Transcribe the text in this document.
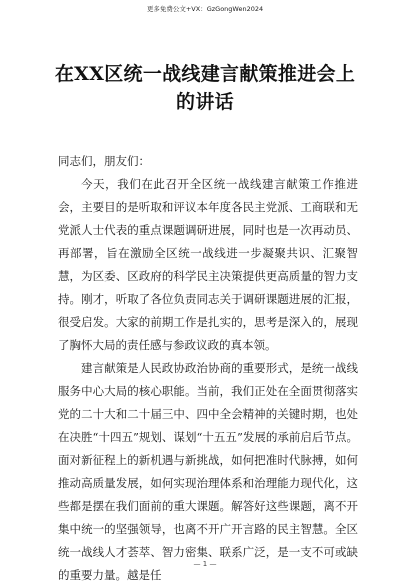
更多免费公文+VX：GzGongWen2024
在XX区统一战线建言献策推进会上的讲话

同志们，朋友们：

今天，我们在此召开全区统一战线建言献策工作推进会，主要目的是听取和评议本年度各民主党派、工商联和无党派人士代表的重点课题调研进展，同时也是一次再动员、再部署，旨在激励全区统一战线进一步凝聚共识、汇聚智慧，为区委、区政府的科学民主决策提供更高质量的智力支持。刚才，听取了各位负责同志关于调研课题进展的汇报，很受启发。大家的前期工作是扎实的，思考是深入的，展现了胸怀大局的责任感与参政议政的真本领。

建言献策是人民政协政治协商的重要形式，是统一战线服务中心大局的核心职能。当前，我们正处在全面贯彻落实党的二十大和二十届三中、四中全会精神的关键时期，也处在决胜“十四五”规划、谋划“十五五”发展的承前启后节点。面对新征程上的新机遇与新挑战，如何把准时代脉搏，如何推动高质量发展，如何实现治理体系和治理能力现代化，这些都是摆在我们面前的重大课题。解答好这些课题，离不开集中统一的坚强领导，也离不开广开言路的民主智慧。全区统一战线人才荟萃、智力密集、联系广泛，是一支不可或缺的重要力量。越是任

— 1 —
